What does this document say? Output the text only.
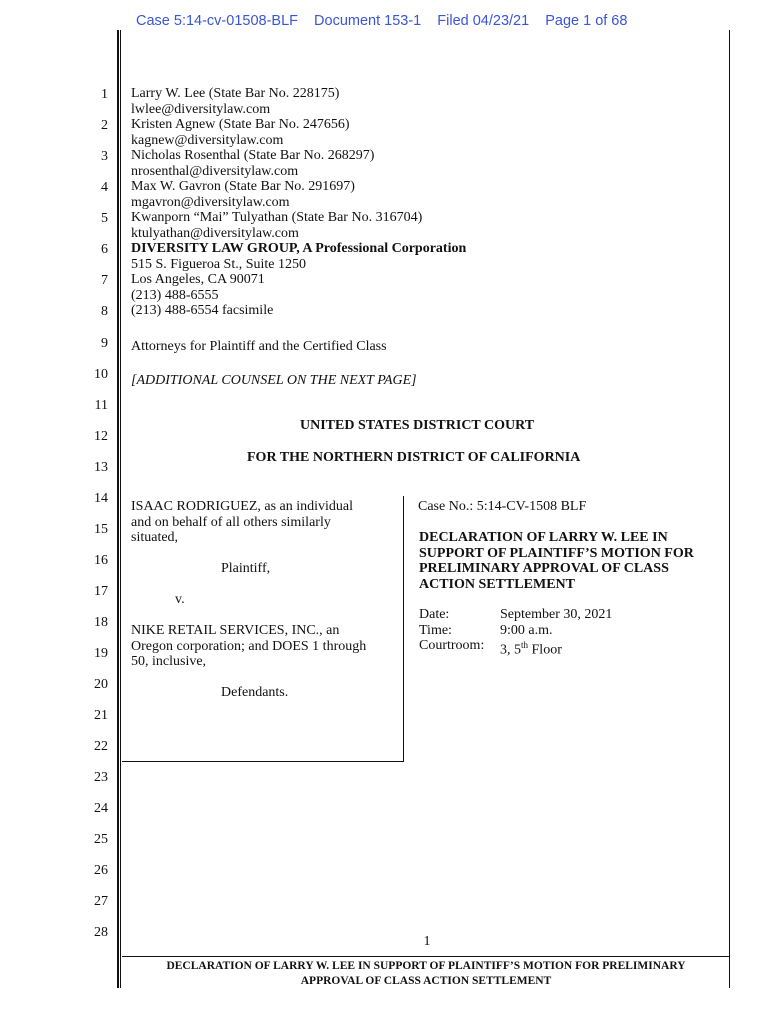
Case 5:14-cv-01508-BLF Document 153-1 Filed 04/23/21 Page 1 of 68
1
2
3
4
5
6
7
8
9
10
11
12
13
14
15
16
17
18
19
20
21
22
23
24
25
26
27
28

Larry W. Lee (State Bar No. 228175)

lwlee@diversitylaw.com

Kristen Agnew (State Bar No. 247656)

kagnew@diversitylaw.com

Nicholas Rosenthal (State Bar No. 268297)

nrosenthal@diversitylaw.com

Max W. Gavron (State Bar No. 291697)

mgavron@diversitylaw.com

Kwanporn “Mai” Tulyathan (State Bar No. 316704)

ktulyathan@diversitylaw.com

DIVERSITY LAW GROUP, A Professional Corporation

515 S. Figueroa St., Suite 1250

Los Angeles, CA 90071

(213) 488-6555

(213) 488-6554 facsimile

Attorneys for Plaintiff and the Certified Class

[ADDITIONAL COUNSEL ON THE NEXT PAGE]

UNITED STATES DISTRICT COURT

FOR THE NORTHERN DISTRICT OF CALIFORNIA

ISAAC RODRIGUEZ, as an individual

and on behalf of all others similarly

situated,

Plaintiff,

v.

NIKE RETAIL SERVICES, INC., an

Oregon corporation; and DOES 1 through

50, inclusive,

Defendants.

Case No.: 5:14-CV-1508 BLF

DECLARATION OF LARRY W. LEE IN

SUPPORT OF PLAINTIFF’S MOTION FOR

PRELIMINARY APPROVAL OF CLASS

ACTION SETTLEMENT

Date:	September 30, 2021

Time:	9:00 a.m.

Courtroom: 3, 5th Floor

1
DECLARATION OF LARRY W. LEE IN SUPPORT OF PLAINTIFF’S MOTION FOR PRELIMINARY
APPROVAL OF CLASS ACTION SETTLEMENT
